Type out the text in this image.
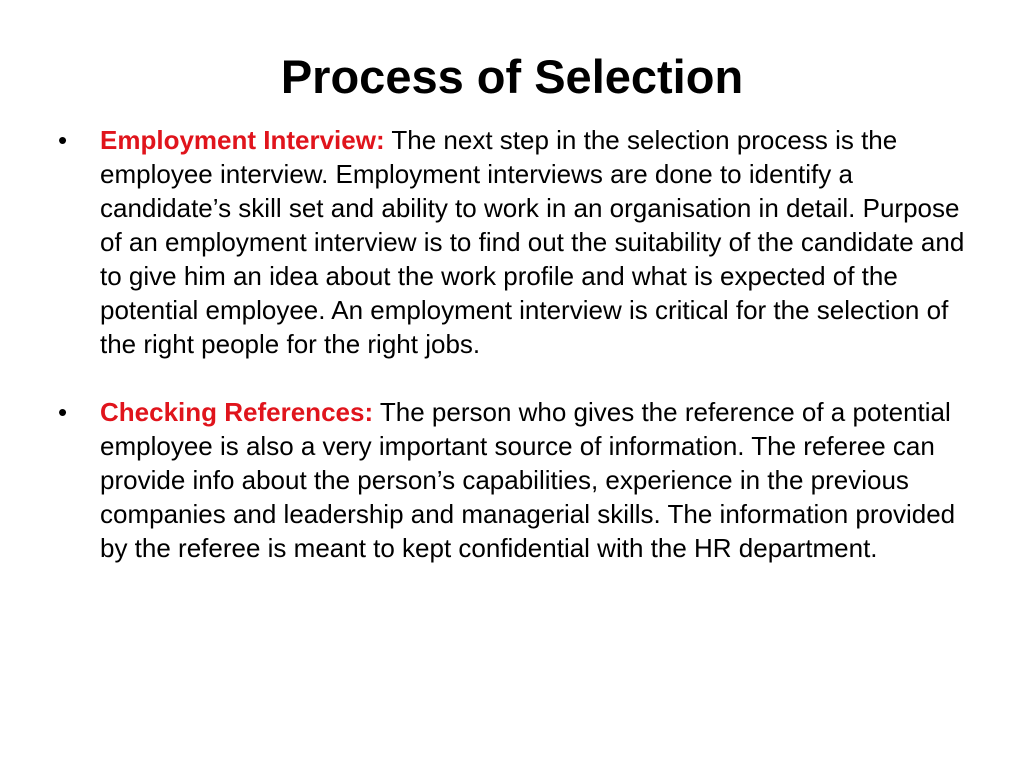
Process of Selection
• Employment Interview: The next step in the selection process is the employee interview. Employment interviews are done to identify a candidate’s skill set and ability to work in an organisation in detail. Purpose of an employment interview is to find out the suitability of the candidate and to give him an idea about the work profile and what is expected of the potential employee. An employment interview is critical for the selection of the right people for the right jobs.
• Checking References: The person who gives the reference of a potential employee is also a very important source of information. The referee can provide info about the person’s capabilities, experience in the previous companies and leadership and managerial skills. The information provided by the referee is meant to kept confidential with the HR department.
